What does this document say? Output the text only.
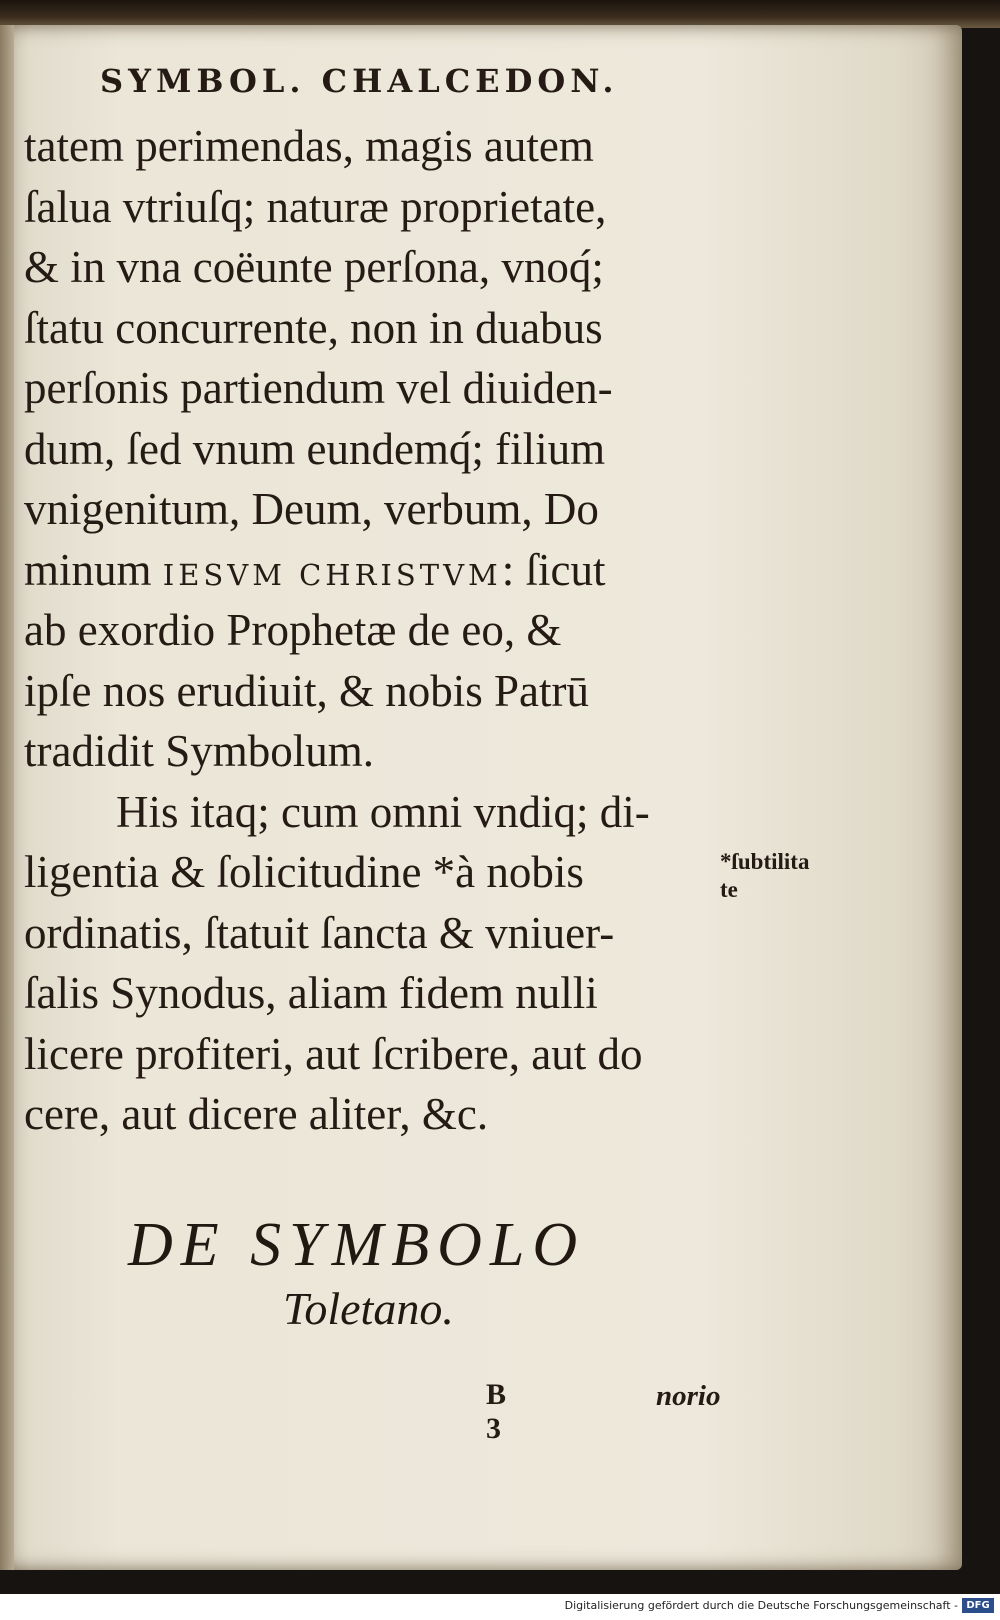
SYMBOL. CHALCEDON.
tatem perimendas, magis autem
ſalua vtriuſq; naturæ proprietate,
& in vna coëunte perſona, vnoq́;
ſtatu concurrente, non in duabus
perſonis partiendum vel diuiden-
dum, ſed vnum eundemq́; filium
vnigenitum, Deum, verbum, Do
minum IESVM CHRISTVM: ſicut
ab exordio Prophetæ de eo, &
ipſe nos erudiuit, & nobis Patrū
tradidit Symbolum.
His itaq; cum omni vndiq; di-
ligentia & ſolicitudine *à nobis
ordinatis, ſtatuit ſancta & vniuer-
ſalis Synodus, aliam fidem nulli
licere profiteri, aut ſcribere, aut do
cere, aut dicere aliter, &c.
*ſubtilita
te
DE SYMBOLO
Toletano.
B 3
norio
Digitalisierung gefördert durch die Deutsche Forschungsgemeinschaft - DFG
